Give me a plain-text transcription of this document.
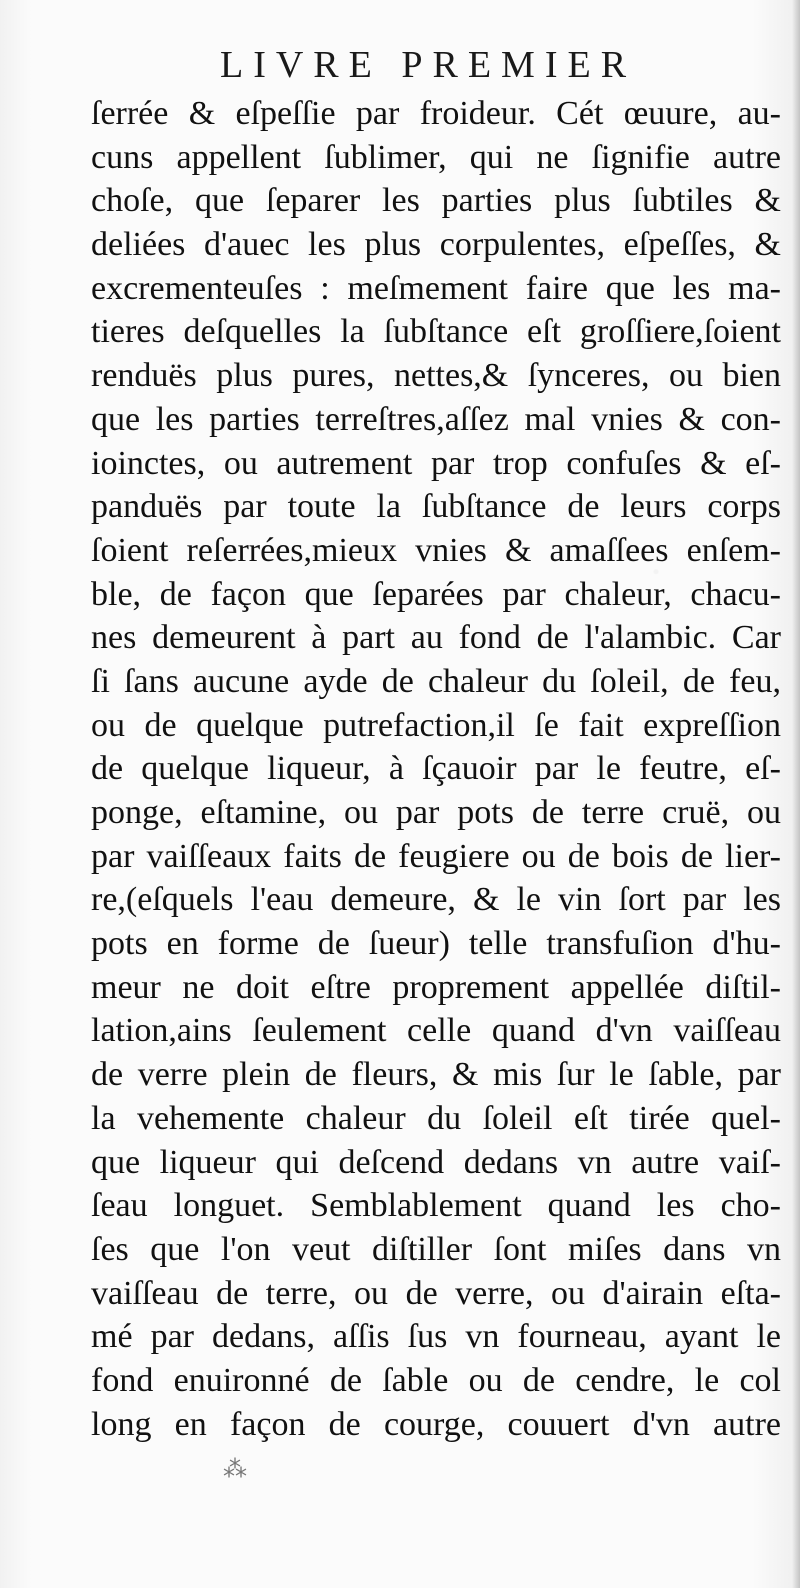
LIVRE PREMIER
ſerrée & eſpeſſie par froideur. Cét œuure, au-
cuns appellent ſublimer, qui ne ſignifie autre
choſe, que ſeparer les parties plus ſubtiles &
deliées d'auec les plus corpulentes, eſpeſſes, &
excrementeuſes : meſmement faire que les ma-
tieres deſquelles la ſubſtance eſt groſſiere,ſoient
renduës plus pures, nettes,& ſynceres, ou bien
que les parties terreſtres,aſſez mal vnies & con-
ioinctes, ou autrement par trop confuſes & eſ-
panduës par toute la ſubſtance de leurs corps
ſoient reſerrées,mieux vnies & amaſſees enſem-
ble, de façon que ſeparées par chaleur, chacu-
nes demeurent à part au fond de l'alambic. Car
ſi ſans aucune ayde de chaleur du ſoleil, de feu,
ou de quelque putrefaction,il ſe fait expreſſion
de quelque liqueur, à ſçauoir par le feutre, eſ-
ponge, eſtamine, ou par pots de terre cruë, ou
par vaiſſeaux faits de feugiere ou de bois de lier-
re,(eſquels l'eau demeure, & le vin ſort par les
pots en forme de ſueur) telle transfuſion d'hu-
meur ne doit eſtre proprement appellée diſtil-
lation,ains ſeulement celle quand d'vn vaiſſeau
de verre plein de fleurs, & mis ſur le ſable, par
la vehemente chaleur du ſoleil eſt tirée quel-
que liqueur qui deſcend dedans vn autre vaiſ-
ſeau longuet. Semblablement quand les cho-
ſes que l'on veut diſtiller ſont miſes dans vn
vaiſſeau de terre, ou de verre, ou d'airain eſta-
mé par dedans, aſſis ſus vn fourneau, ayant le
fond enuironné de ſable ou de cendre, le col
long en façon de courge, couuert d'vn autre
⁂
